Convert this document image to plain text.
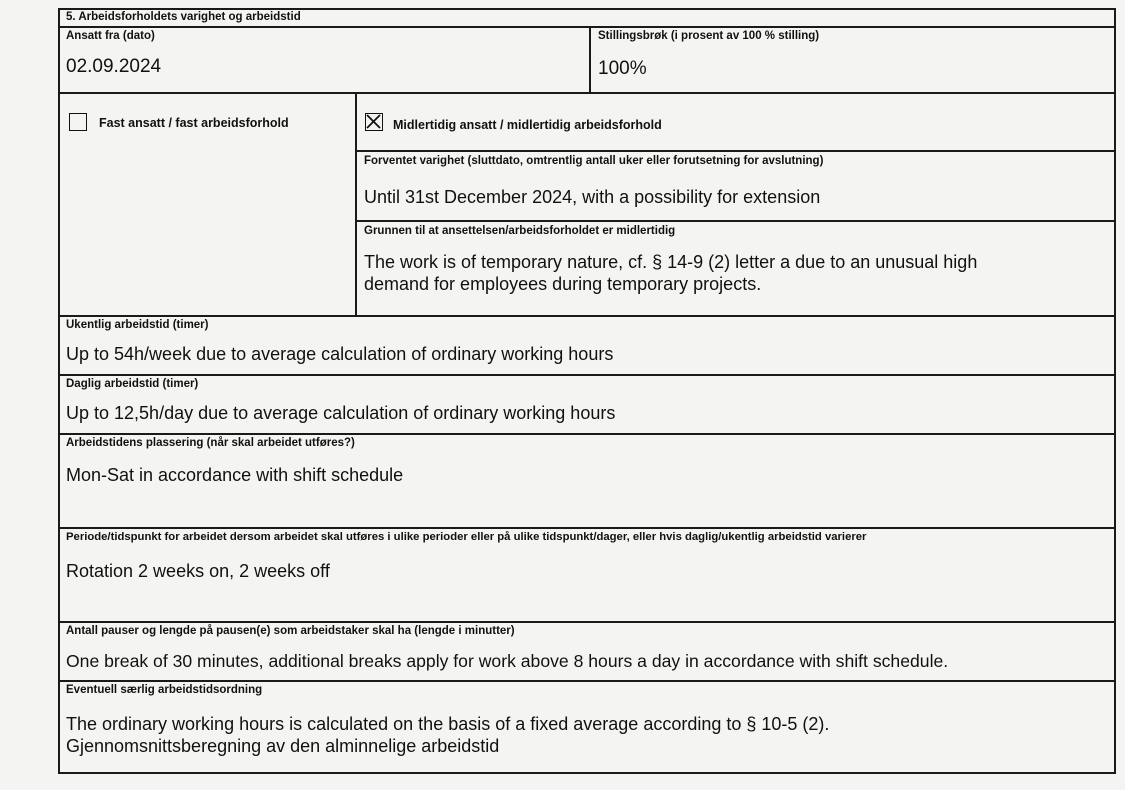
5. Arbeidsforholdets varighet og arbeidstid
Ansatt fra (dato)
02.09.2024
Stillingsbrøk (i prosent av 100 % stilling)
100%
Fast ansatt / fast arbeidsforhold	Midlertidig ansatt / midlertidig arbeidsforhold
Forventet varighet (sluttdato, omtrentlig antall uker eller forutsetning for avslutning)
Until 31st December 2024, with a possibility for extension
Grunnen til at ansettelsen/arbeidsforholdet er midlertidig
The work is of temporary nature, cf. § 14-9 (2) letter a due to an unusual high
demand for employees during temporary projects.
Ukentlig arbeidstid (timer)
Up to 54h/week due to average calculation of ordinary working hours
Daglig arbeidstid (timer)
Up to 12,5h/day due to average calculation of ordinary working hours
Arbeidstidens plassering (når skal arbeidet utføres?)
Mon-Sat in accordance with shift schedule
Periode/tidspunkt for arbeidet dersom arbeidet skal utføres i ulike perioder eller på ulike tidspunkt/dager, eller hvis daglig/ukentlig arbeidstid varierer
Rotation 2 weeks on, 2 weeks off
Antall pauser og lengde på pausen(e) som arbeidstaker skal ha (lengde i minutter)
One break of 30 minutes, additional breaks apply for work above 8 hours a day in accordance with shift schedule.
Eventuell særlig arbeidstidsordning
The ordinary working hours is calculated on the basis of a fixed average according to § 10-5 (2).
Gjennomsnittsberegning av den alminnelige arbeidstid
